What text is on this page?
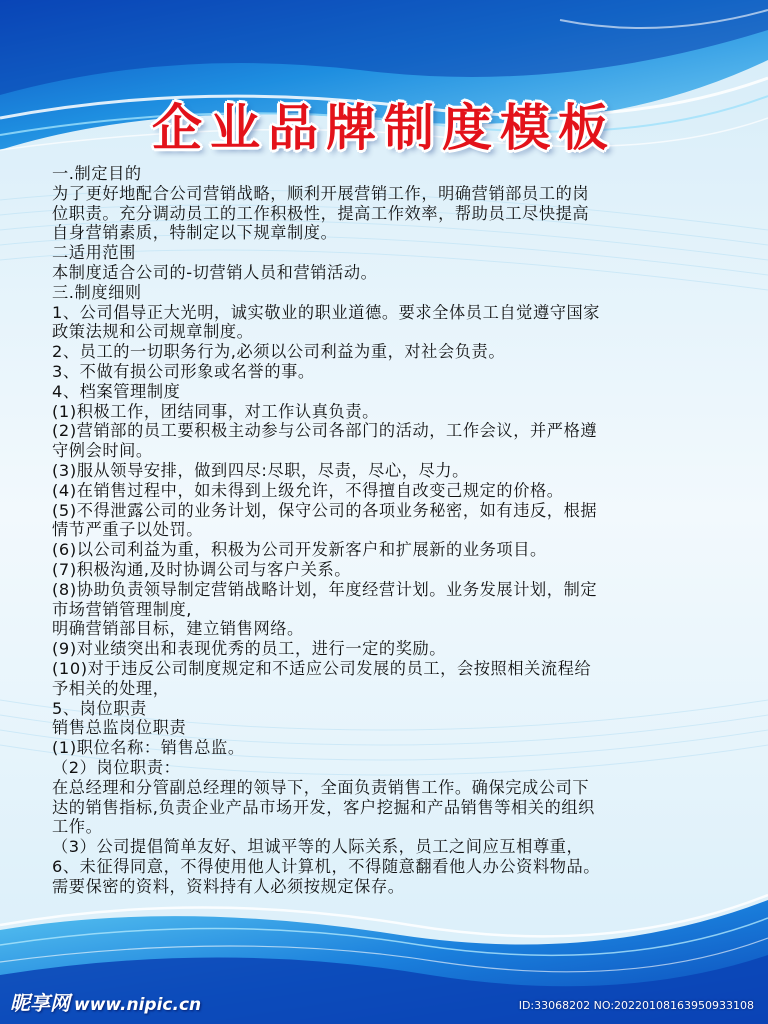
企业品牌制度模板

一.制定目的

为了更好地配合公司营销战略，顺利开展营销工作，明确营销部员工的岗

位职责。充分调动员工的工作积极性，提高工作效率，帮助员工尽快提高

自身营销素质，特制定以下规章制度。

二适用范围

本制度适合公司的-切营销人员和营销活动。

三.制度细则

1、公司倡导正大光明，诚实敬业的职业道德。要求全体员工自觉遵守国家

政策法规和公司规章制度。

2、员工的一切职务行为,必须以公司利益为重，对社会负责。

3、不做有损公司形象或名誉的事。

4、档案管理制度

(1)积极工作，团结同事，对工作认真负责。

(2)营销部的员工要积极主动参与公司各部门的活动，工作会议，并严格遵

守例会时间。

(3)服从领导安排，做到四尽:尽职，尽责，尽心，尽力。

(4)在销售过程中，如未得到上级允许，不得擅自改变己规定的价格。

(5)不得泄露公司的业务计划，保守公司的各项业务秘密，如有违反，根据

情节严重子以处罚。

(6)以公司利益为重，积极为公司开发新客户和扩展新的业务项目。

(7)积极沟通,及时协调公司与客户关系。

(8)协助负责领导制定营销战略计划，年度经营计划。业务发展计划，制定

市场营销管理制度,

明确营销部目标，建立销售网络。

(9)对业绩突出和表现优秀的员工，进行一定的奖励。

(10)对于违反公司制度规定和不适应公司发展的员工，会按照相关流程给

予相关的处理，

5、岗位职责

销售总监岗位职责

(1)职位名称：销售总监。

（2）岗位职责：

在总经理和分管副总经理的领导下，全面负责销售工作。确保完成公司下

达的销售指标,负责企业产品市场开发，客户挖掘和产品销售等相关的组织

工作。

（3）公司提倡简单友好、坦诚平等的人际关系，员工之间应互相尊重，

6、未征得同意，不得使用他人计算机，不得随意翻看他人办公资料物品。

需要保密的资料，资料持有人必须按规定保存。

昵享网 www.nipic.cn	ID:33068202 NO:20220108163950933108
